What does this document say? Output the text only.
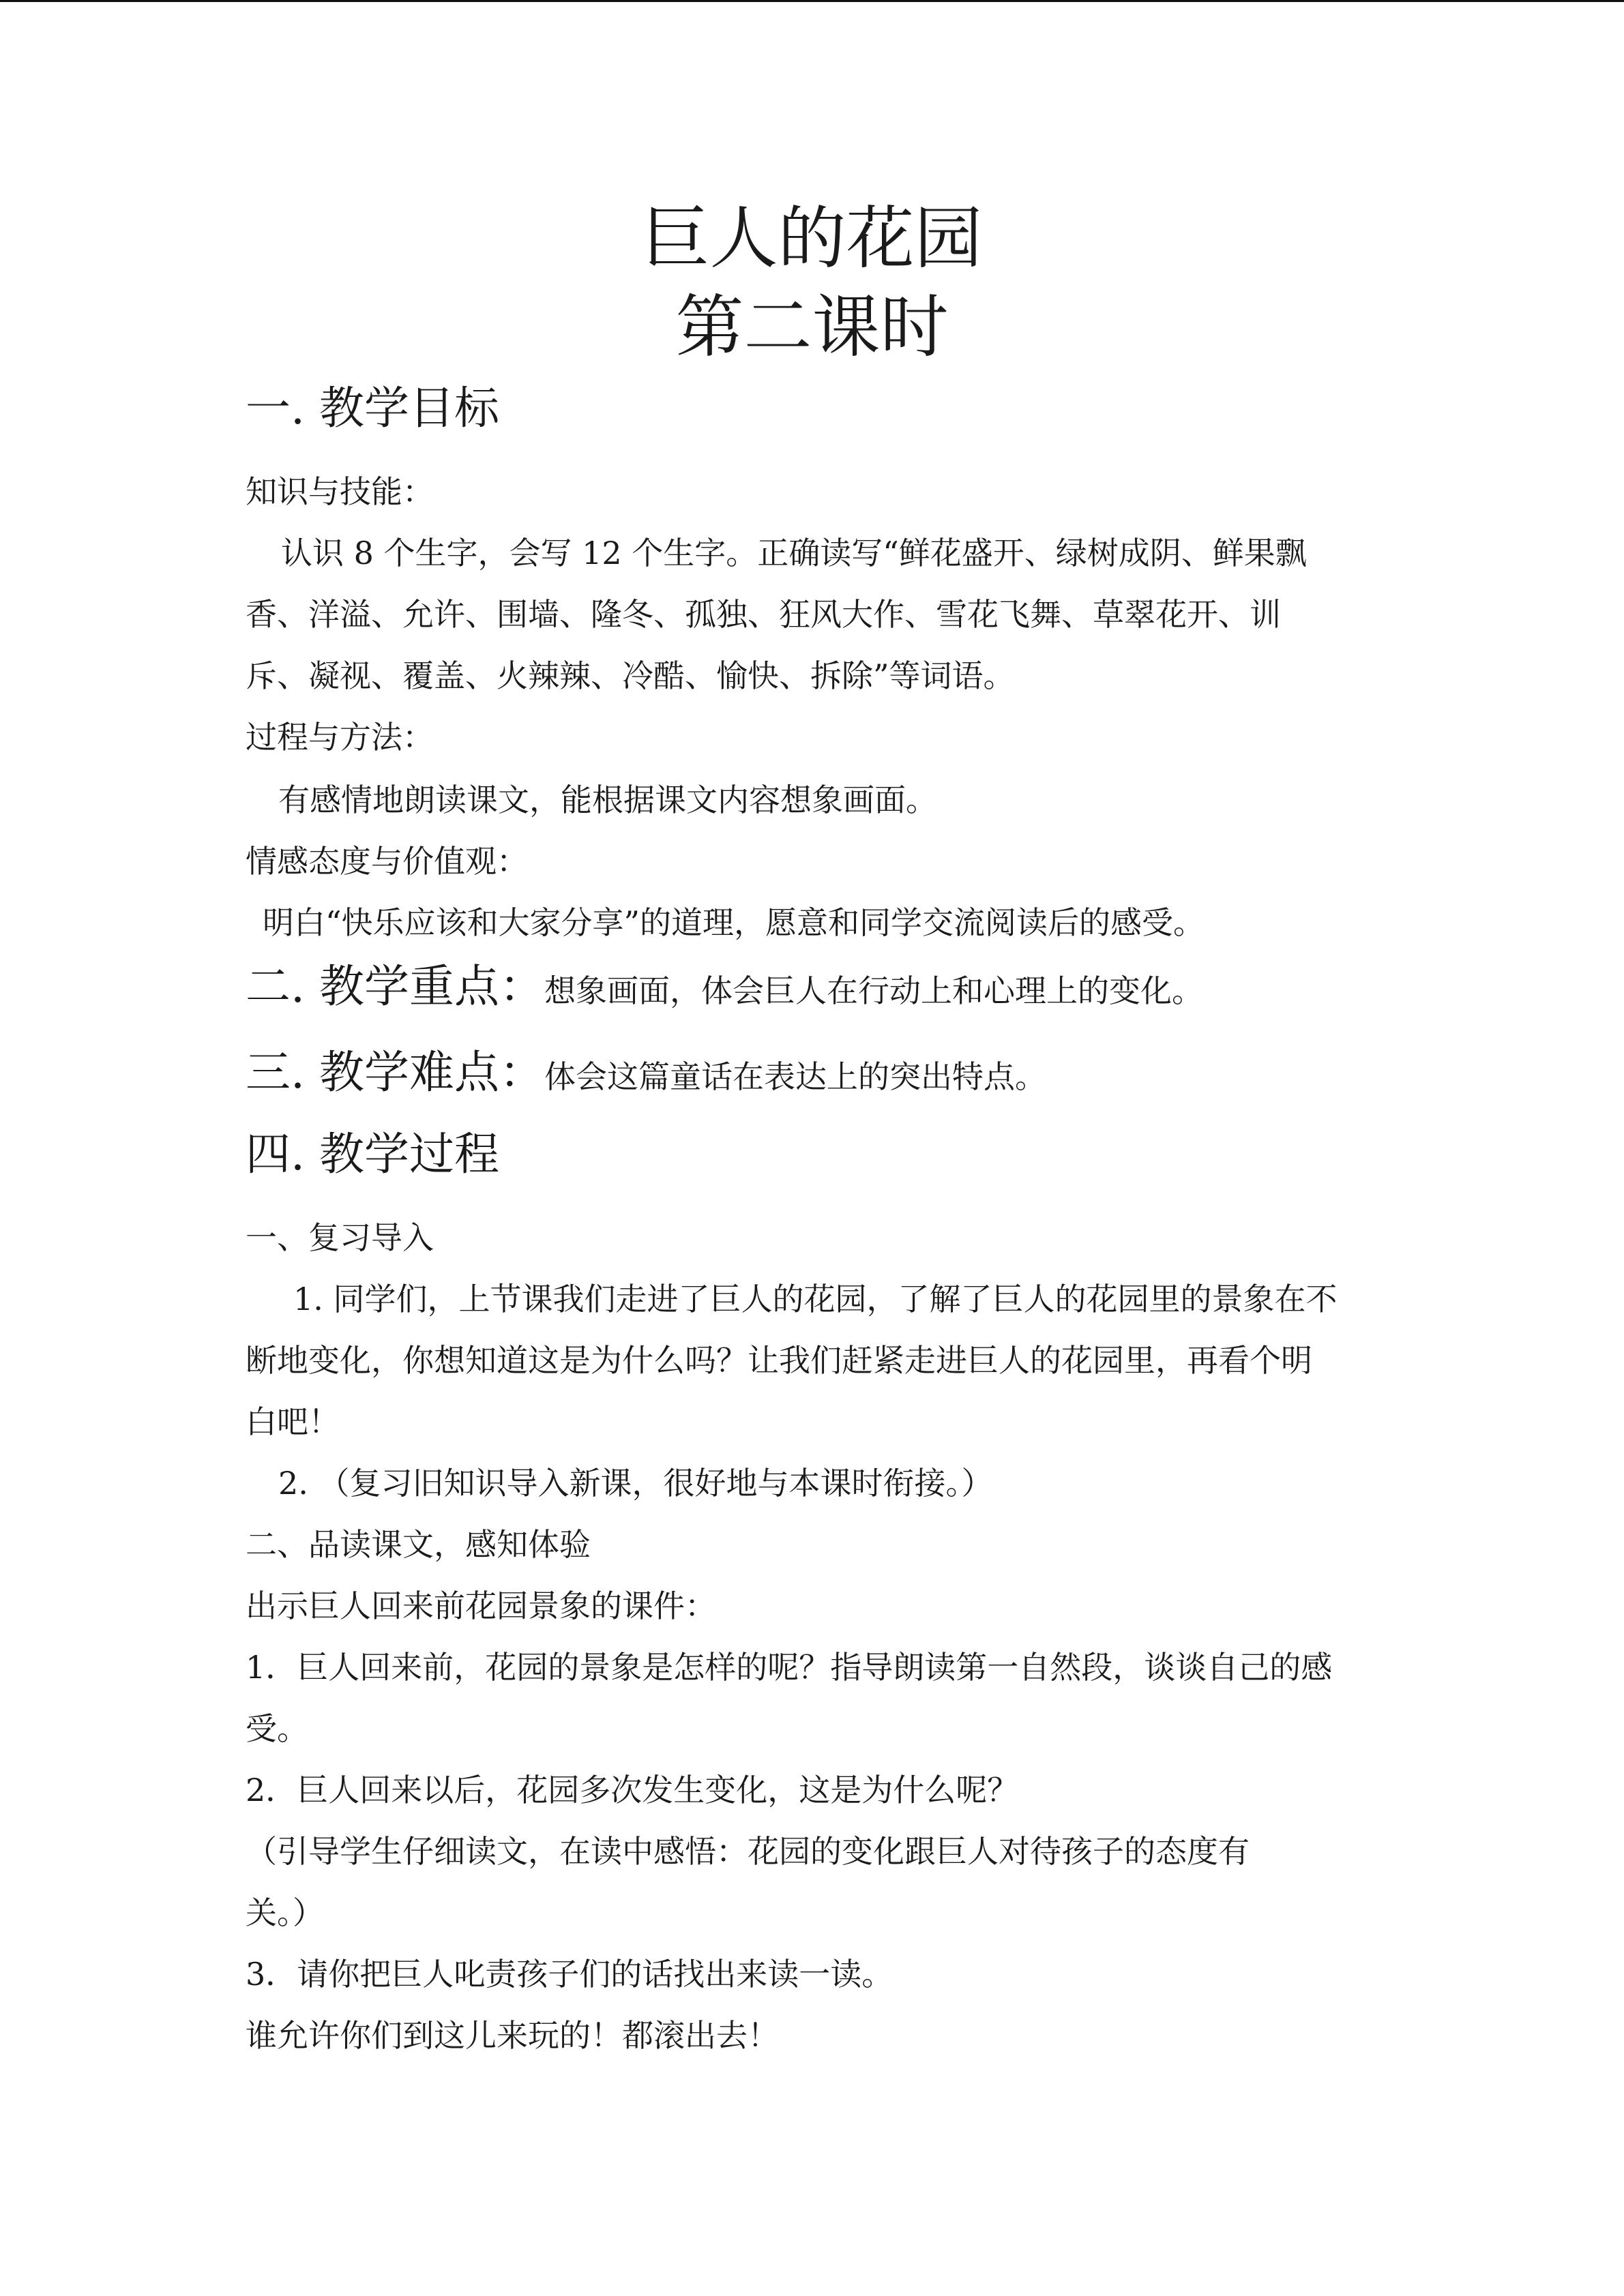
巨人的花园
第二课时
一. 教学目标
知识与技能：
认识 8 个生字，会写 12 个生字。正确读写“鲜花盛开、绿树成阴、鲜果飘
香、洋溢、允许、围墙、隆冬、孤独、狂风大作、雪花飞舞、草翠花开、训
斥、凝视、覆盖、火辣辣、冷酷、愉快、拆除”等词语。
过程与方法：
有感情地朗读课文，能根据课文内容想象画面。
情感态度与价值观：
明白“快乐应该和大家分享”的道理，愿意和同学交流阅读后的感受。
二. 教学重点：想象画面，体会巨人在行动上和心理上的变化。
三. 教学难点：体会这篇童话在表达上的突出特点。
四. 教学过程
一、复习导入
1. 同学们，上节课我们走进了巨人的花园，了解了巨人的花园里的景象在不
断地变化，你想知道这是为什么吗？让我们赶紧走进巨人的花园里，再看个明
白吧！
2. （复习旧知识导入新课，很好地与本课时衔接。）
二、品读课文，感知体验
出示巨人回来前花园景象的课件：
1．巨人回来前，花园的景象是怎样的呢？指导朗读第一自然段，谈谈自己的感
受。
2．巨人回来以后，花园多次发生变化，这是为什么呢？
（引导学生仔细读文，在读中感悟：花园的变化跟巨人对待孩子的态度有
关。）
3．请你把巨人叱责孩子们的话找出来读一读。
谁允许你们到这儿来玩的！都滚出去！
